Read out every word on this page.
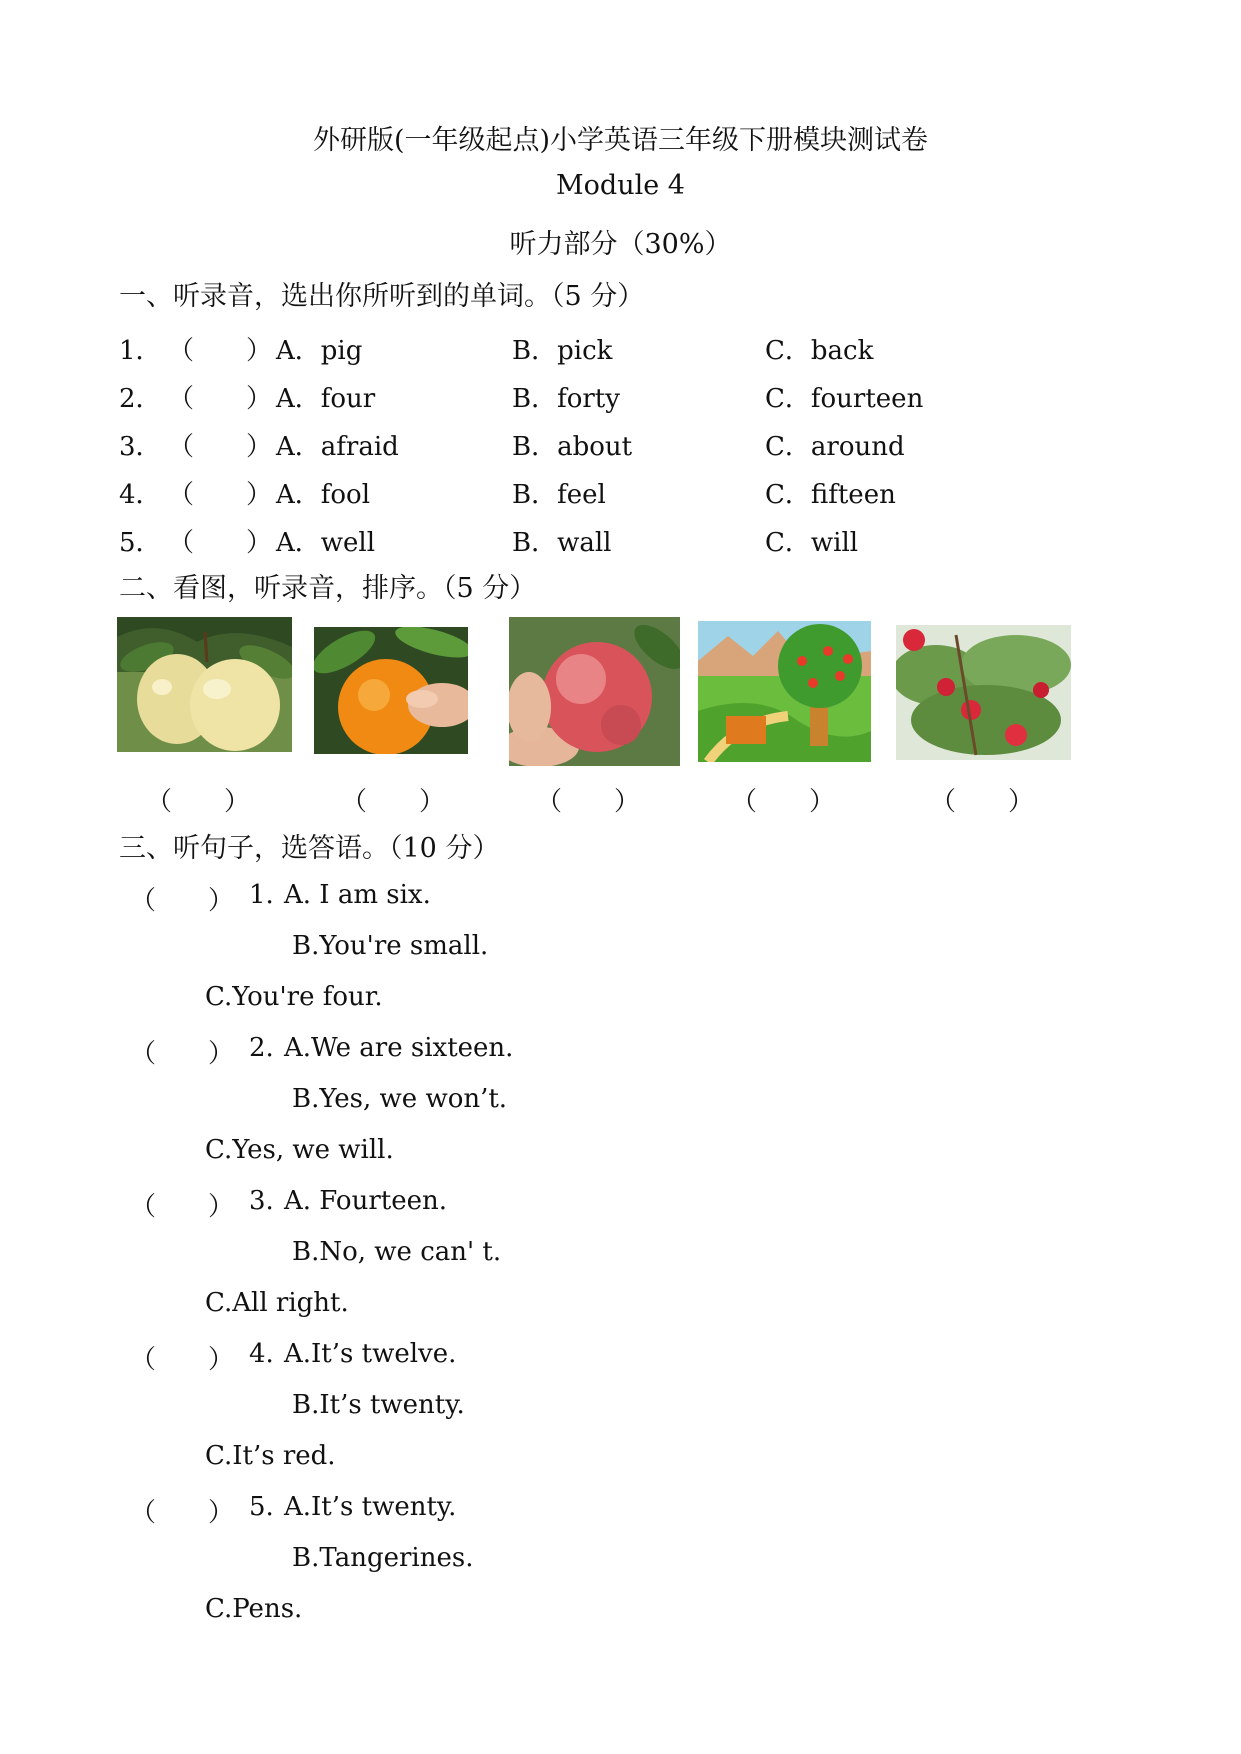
外研版(一年级起点)小学英语三年级下册模块测试卷
Module 4
听力部分（30%）
一、听录音，选出你所听到的单词。（5 分）
1． （　　） A．pig	B．pick	C．back
2． （　　） A．four	B．forty	C．fourteen
3． （　　） A．afraid	B．about	C．around
4． （　　） A．fool	B．feel	C．fifteen
5． （　　） A．well	B．wall	C．will
二、看图，听录音，排序。（5 分）
（　　）	（　　）	（　　）	（　　）	（　　）
三、听句子，选答语。（10 分）
（　　） 1. A. I am six.
B.You're small.
C.You're four.
（　　） 2. A.We are sixteen.
B.Yes, we won’t.
C.Yes, we will.
（　　） 3. A. Fourteen.
B.No, we can' t.
C.All right.
（　　） 4. A.It’s twelve.
B.It’s twenty.
C.It’s red.
（　　） 5. A.It’s twenty.
B.Tangerines.
C.Pens.
